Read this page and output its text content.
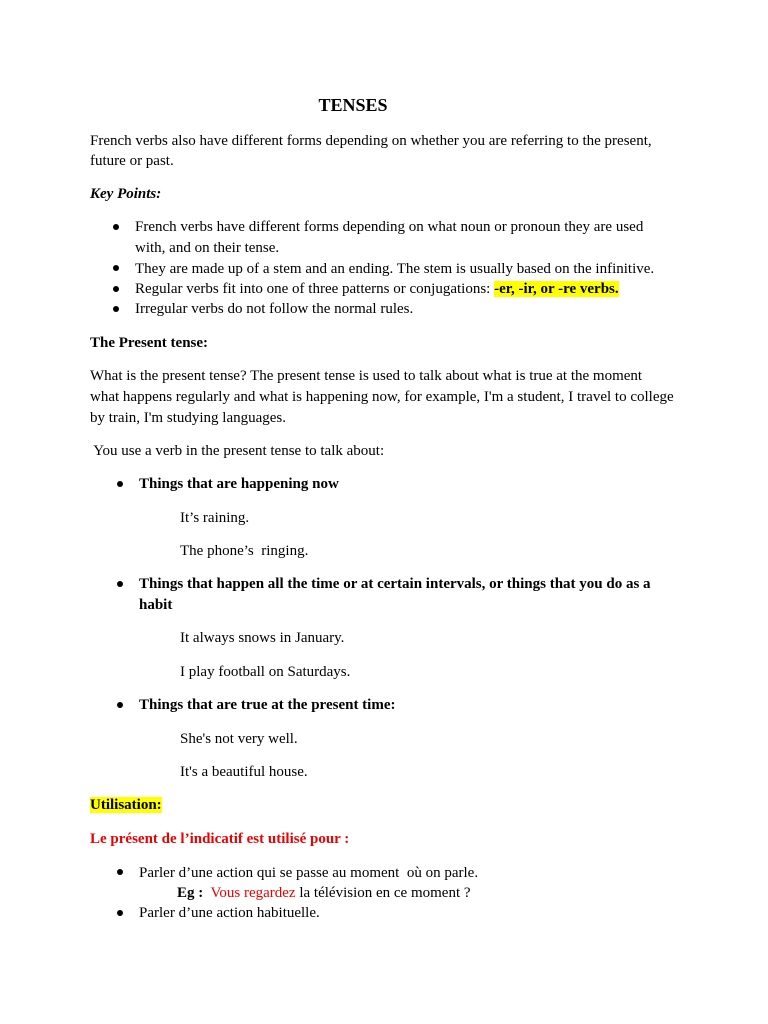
TENSES
French verbs also have different forms depending on whether you are referring to the present,
future or past.
Key Points:
French verbs have different forms depending on what noun or pronoun they are used
with, and on their tense.
They are made up of a stem and an ending. The stem is usually based on the infinitive.
Regular verbs fit into one of three patterns or conjugations: -er, -ir, or -re verbs.
Irregular verbs do not follow the normal rules.
The Present tense:
What is the present tense? The present tense is used to talk about what is true at the moment
what happens regularly and what is happening now, for example, I'm a student, I travel to college
by train, I'm studying languages.
You use a verb in the present tense to talk about:
Things that are happening now
It’s raining.
The phone’s  ringing.
Things that happen all the time or at certain intervals, or things that you do as a
habit
It always snows in January.
I play football on Saturdays.
Things that are true at the present time:
She's not very well.
It's a beautiful house.
Utilisation:
Le présent de l’indicatif est utilisé pour :
Parler d’une action qui se passe au moment  où on parle.
Eg : Vous regardez la télévision en ce moment ?
Parler d’une action habituelle.
